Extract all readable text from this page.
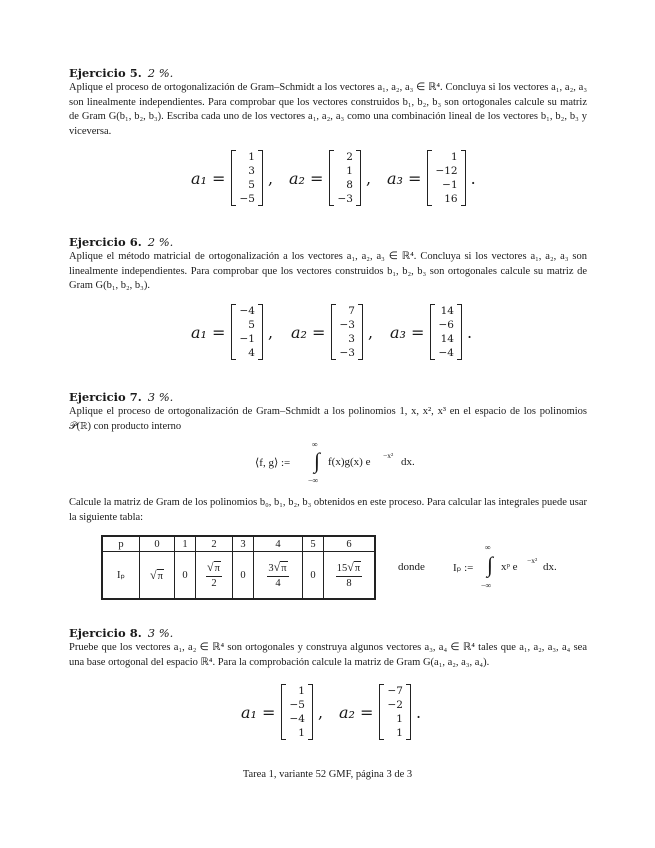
Ejercicio 5. 2 %.
Aplique el proceso de ortogonalización de Gram–Schmidt a los vectores a₁, a₂, a₃ ∈ ℝ⁴. Concluya si los vectores a₁, a₂, a₃ son linealmente independientes. Para comprobar que los vectores construidos b₁, b₂, b₃ son ortogonales calcule su matriz de Gram G(b₁, b₂, b₃). Escriba cada uno de los vectores a₁, a₂, a₃ como una combinación lineal de los vectores b₁, b₂, b₃ y viceversa.
a₁ =
1
3
5
−5
, a₂ =
2
1
8
−3
, a₃ =
1
−12
−1
16
.
Ejercicio 6. 2 %.
Aplique el método matricial de ortogonalización a los vectores a₁, a₂, a₃ ∈ ℝ⁴. Concluya si los vectores a₁, a₂, a₃ son linealmente independientes. Para comprobar que los vectores construidos b₁, b₂, b₃ son ortogonales calcule su matriz de Gram G(b₁, b₂, b₃).
a₁ =
−4
5
−1
4
, a₂ =
7
−3
3
−3
, a₃ =
14
−6
14
−4
.
Ejercicio 7. 3 %.
Aplique el proceso de ortogonalización de Gram–Schmidt a los polinomios 1, x, x², x³ en el espacio de los polinomios 𝒫(ℝ) con producto interno
⟨f, g⟩ :=
∞
∫
−∞
f(x)g(x) e
−x²
dx.
Calcule la matriz de Gram de los polinomios b₀, b₁, b₂, b₃ obtenidos en este proceso. Para calcular las integrales puede usar la siguiente tabla:
p	0	1	2	3	4	5	6
Iₚ	√ π	0	$\frac{√ \pi}{2}$	0	$\frac{3 √ \pi}{4}$	0	$\frac{15 √ \pi}{8}$	donde	Iₚ :=
∞
∫
−∞
xᵖ e
−x²
dx.
Ejercicio 8. 3 %.
Pruebe que los vectores a₁, a₂ ∈ ℝ⁴ son ortogonales y construya algunos vectores a₃, a₄ ∈ ℝ⁴ tales que a₁, a₂, a₃, a₄ sea una base ortogonal del espacio ℝ⁴. Para la comprobación calcule la matriz de Gram G(a₁, a₂, a₃, a₄).
a₁ =
1
−5
−4
1
, a₂ =
−7
−2
1
1
.
Tarea 1, variante 52 GMF, página 3 de 3
